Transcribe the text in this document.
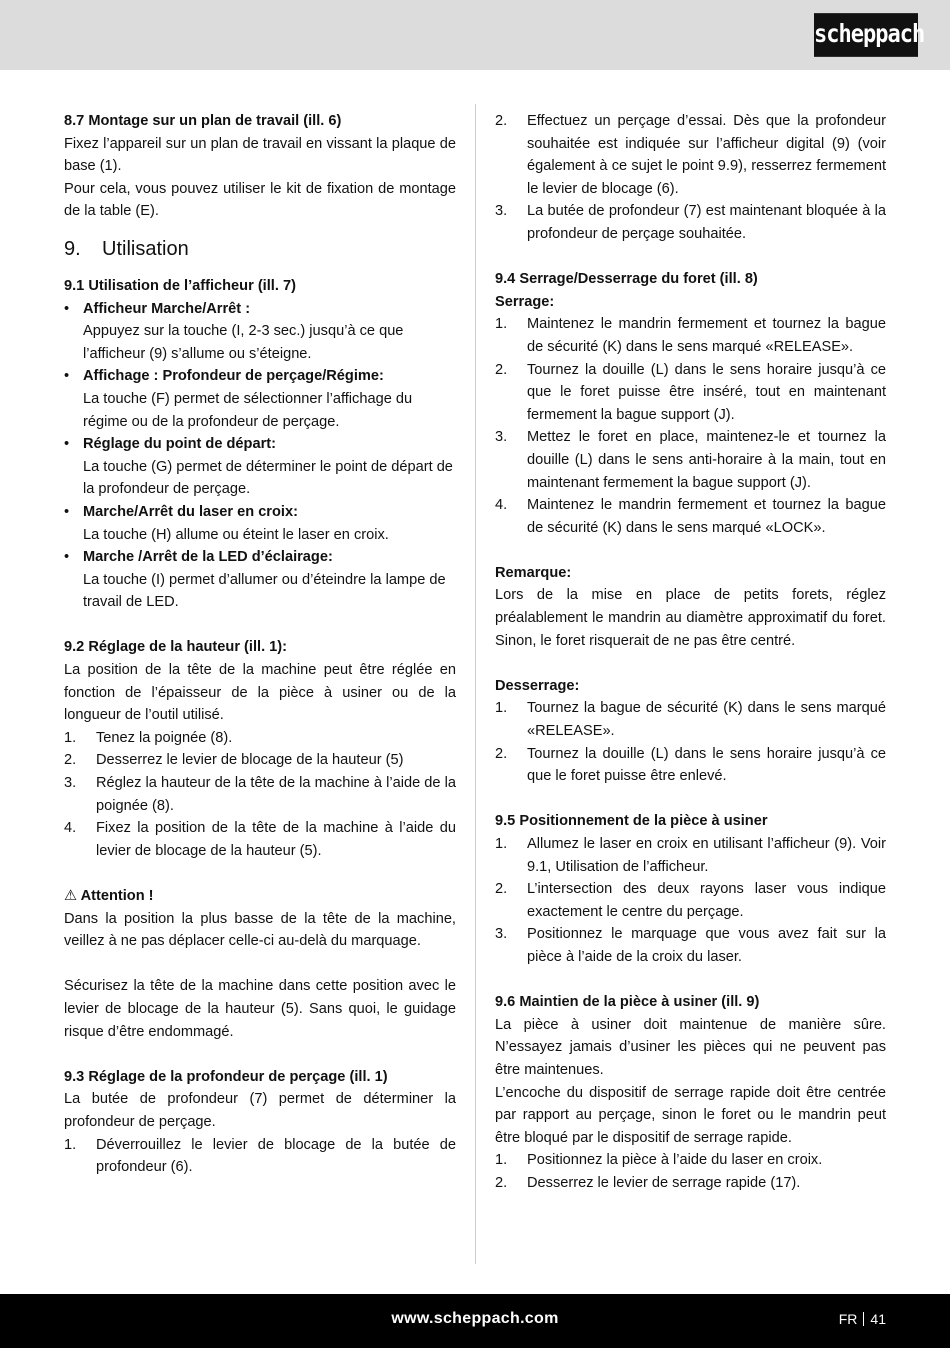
scheppach

8.7 Montage sur un plan de travail (ill. 6)

Fixez l’appareil sur un plan de travail en vissant la plaque de base (1).

Pour cela, vous pouvez utiliser le kit de fixation de montage de la table (E).

9. Utilisation

9.1 Utilisation de l’afficheur (ill. 7)

• Afficheur Marche/Arrêt :
Appuyez sur la touche (I, 2-3 sec.) jusqu’à ce que l’afficheur (9) s’allume ou s’éteigne.
• Affichage : Profondeur de perçage/Régime:
La touche (F) permet de sélectionner l’affichage du régime ou de la profondeur de perçage.
• Réglage du point de départ:
La touche (G) permet de déterminer le point de départ de la profondeur de perçage.
• Marche/Arrêt du laser en croix:
La touche (H) allume ou éteint le laser en croix.
• Marche /Arrêt de la LED d’éclairage:
La touche (I) permet d’allumer ou d’éteindre la lampe de travail de LED.

9.2 Réglage de la hauteur (ill. 1):

La position de la tête de la machine peut être réglée en fonction de l’épaisseur de la pièce à usiner ou de la longueur de l’outil utilisé.

1. Tenez la poignée (8).
2. Desserrez le levier de blocage de la hauteur (5)
3. Réglez la hauteur de la tête de la machine à l’aide de la poignée (8).
4. Fixez la position de la tête de la machine à l’aide du levier de blocage de la hauteur (5).

⚠ Attention !

Dans la position la plus basse de la tête de la machine, veillez à ne pas déplacer celle-ci au-delà du marquage.

Sécurisez la tête de la machine dans cette position avec le levier de blocage de la hauteur (5). Sans quoi, le guidage risque d’être endommagé.

9.3 Réglage de la profondeur de perçage (ill. 1)

La butée de profondeur (7) permet de déterminer la profondeur de perçage.

1. Déverrouillez le levier de blocage de la butée de profondeur (6).
2. Effectuez un perçage d’essai. Dès que la profondeur souhaitée est indiquée sur l’afficheur digital (9) (voir également à ce sujet le point 9.9), resserrez fermement le levier de blocage (6).
3. La butée de profondeur (7) est maintenant bloquée à la profondeur de perçage souhaitée.

9.4 Serrage/Desserrage du foret (ill. 8)

Serrage:

1. Maintenez le mandrin fermement et tournez la bague de sécurité (K) dans le sens marqué «RELEASE».
2. Tournez la douille (L) dans le sens horaire jusqu’à ce que le foret puisse être inséré, tout en maintenant fermement la bague support (J).
3. Mettez le foret en place, maintenez-le et tournez la douille (L) dans le sens anti-horaire à la main, tout en maintenant fermement la bague support (J).
4. Maintenez le mandrin fermement et tournez la bague de sécurité (K) dans le sens marqué «LOCK».

Remarque:

Lors de la mise en place de petits forets, réglez préalablement le mandrin au diamètre approximatif du foret. Sinon, le foret risquerait de ne pas être centré.

Desserrage:

1. Tournez la bague de sécurité (K) dans le sens marqué «RELEASE».
2. Tournez la douille (L) dans le sens horaire jusqu’à ce que le foret puisse être enlevé.

9.5 Positionnement de la pièce à usiner

1. Allumez le laser en croix en utilisant l’afficheur (9). Voir 9.1, Utilisation de l’afficheur.
2. L’intersection des deux rayons laser vous indique exactement le centre du perçage.
3. Positionnez le marquage que vous avez fait sur la pièce à l’aide de la croix du laser.

9.6 Maintien de la pièce à usiner (ill. 9)

La pièce à usiner doit maintenue de manière sûre. N’essayez jamais d’usiner les pièces qui ne peuvent pas être maintenues.

L’encoche du dispositif de serrage rapide doit être centrée par rapport au perçage, sinon le foret ou le mandrin peut être bloqué par le dispositif de serrage rapide.

1. Positionnez la pièce à l’aide du laser en croix.
2. Desserrez le levier de serrage rapide (17).
www.scheppach.com	FR 41
